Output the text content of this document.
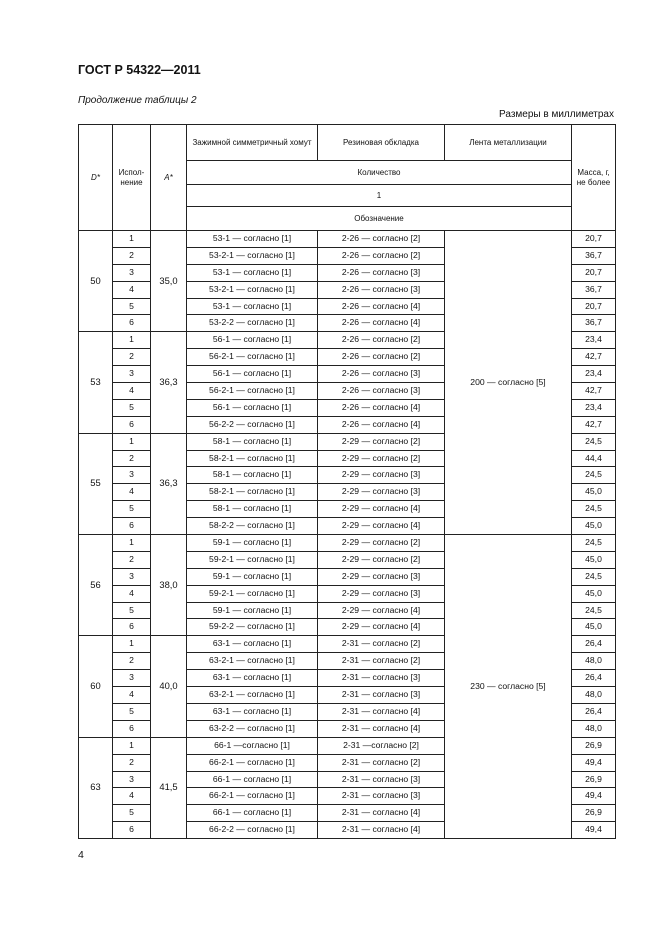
ГОСТ Р 54322—2011
Продолжение таблицы 2
Размеры в миллиметрах
D*	Испол-нение	A*	Зажимной симметричный хомут	Резиновая обкладка	Лента металлизации	Масса, г, не более
			Количество			
			1			
			Обозначение			
50	1	35,0	53-1 — согласно [1]	2-26 — согласно [2]	200 — согласно [5]	20,7
	2		53-2-1 — согласно [1]	2-26 — согласно [2]		36,7
	3		53-1 — согласно [1]	2-26 — согласно [3]		20,7
	4		53-2-1 — согласно [1]	2-26 — согласно [3]		36,7
	5		53-1 — согласно [1]	2-26 — согласно [4]		20,7
	6		53-2-2 — согласно [1]	2-26 — согласно [4]		36,7
53	1	36,3	56-1 — согласно [1]	2-26 — согласно [2]		23,4
	2		56-2-1 — согласно [1]	2-26 — согласно [2]		42,7
	3		56-1 — согласно [1]	2-26 — согласно [3]		23,4
	4		56-2-1 — согласно [1]	2-26 — согласно [3]		42,7
	5		56-1 — согласно [1]	2-26 — согласно [4]		23,4
	6		56-2-2 — согласно [1]	2-26 — согласно [4]		42,7
55	1	36,3	58-1 — согласно [1]	2-29 — согласно [2]		24,5
	2		58-2-1 — согласно [1]	2-29 — согласно [2]		44,4
	3		58-1 — согласно [1]	2-29 — согласно [3]		24,5
	4		58-2-1 — согласно [1]	2-29 — согласно [3]		45,0
	5		58-1 — согласно [1]	2-29 — согласно [4]		24,5
	6		58-2-2 — согласно [1]	2-29 — согласно [4]		45,0
56	1	38,0	59-1 — согласно [1]	2-29 — согласно [2]	230 — согласно [5]	24,5
	2		59-2-1 — согласно [1]	2-29 — согласно [2]		45,0
	3		59-1 — согласно [1]	2-29 — согласно [3]		24,5
	4		59-2-1 — согласно [1]	2-29 — согласно [3]		45,0
	5		59-1 — согласно [1]	2-29 — согласно [4]		24,5
	6		59-2-2 — согласно [1]	2-29 — согласно [4]		45,0
60	1	40,0	63-1 — согласно [1]	2-31 — согласно [2]		26,4
	2		63-2-1 — согласно [1]	2-31 — согласно [2]		48,0
	3		63-1 — согласно [1]	2-31 — согласно [3]		26,4
	4		63-2-1 — согласно [1]	2-31 — согласно [3]		48,0
	5		63-1 — согласно [1]	2-31 — согласно [4]		26,4
	6		63-2-2 — согласно [1]	2-31 — согласно [4]		48,0
63	1	41,5	66-1 —согласно [1]	2-31 —согласно [2]		26,9
	2		66-2-1 — согласно [1]	2-31 — согласно [2]		49,4
	3		66-1 — согласно [1]	2-31 — согласно [3]		26,9
	4		66-2-1 — согласно [1]	2-31 — согласно [3]		49,4
	5		66-1 — согласно [1]	2-31 — согласно [4]		26,9
	6		66-2-2 — согласно [1]	2-31 — согласно [4]		49,4
4
